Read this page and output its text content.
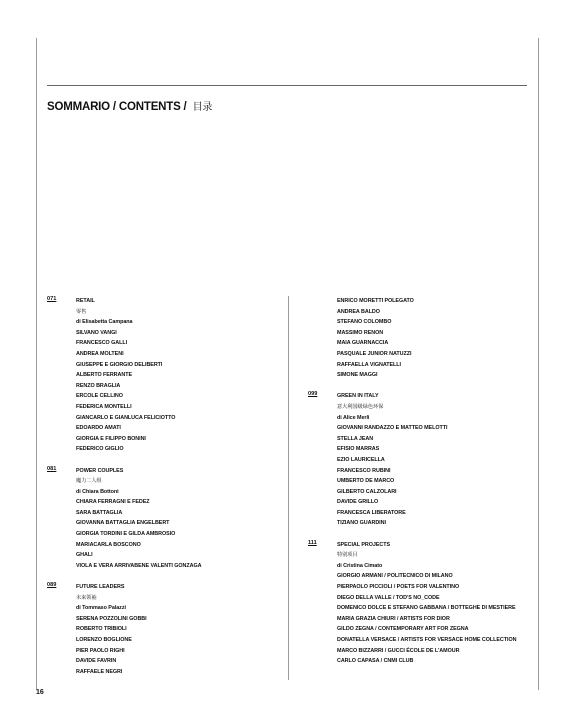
SOMMARIO / CONTENTS / 目录
071	RETAIL
零售
di Elisabetta Campana
SILVANO VANGI
FRANCESCO GALLI
ANDREA MOLTENI
GIUSEPPE E GIORGIO DELIBERTI
ALBERTO FERRANTE
RENZO BRAGLIA
ERCOLE CELLINO
FEDERICA MONTELLI
GIANCARLO E GIANLUCA FELICIOTTO
EDOARDO AMATI
GIORGIA E FILIPPO BONINI
FEDERICO GIGLIO
081	POWER COUPLES
魔力二人组
di Chiara Bottoni
CHIARA FERRAGNI E FEDEZ
SARA BATTAGLIA
GIOVANNA BATTAGLIA ENGELBERT
GIORGIA TORDINI E GILDA AMBROSIO
MARIACARLA BOSCONO
GHALI
VIOLA E VERA ARRIVABENE VALENTI GONZAGA
089	FUTURE LEADERS
未来领袖
di Tommaso Palazzi
SERENA POZZOLINI GOBBI
ROBERTO TRIBIOLI
LORENZO BOGLIONE
PIER PAOLO RIGHI
DAVIDE FAVRIN
RAFFAELE NEGRI
ENRICO MORETTI POLEGATO
ANDREA BALDO
STEFANO COLOMBO
MASSIMO RENON
MAIA GUARNACCIA
PASQUALE JUNIOR NATUZZI
RAFFAELLA VIGNATELLI
SIMONE MAGGI
099	GREEN IN ITALY
意大利国级绿色环保
di Alice Merli
GIOVANNI RANDAZZO E MATTEO MELOTTI
STELLA JEAN
EFISIO MARRAS
EZIO LAURICELLA
FRANCESCO RUBINI
UMBERTO DE MARCO
GILBERTO CALZOLARI
DAVIDE GRILLO
FRANCESCA LIBERATORE
TIZIANO GUARDINI
111	SPECIAL PROJECTS
特别项目
di Cristina Cimato
GIORGIO ARMANI / POLITECNICO DI MILANO
PIERPAOLO PICCIOLI / POETS FOR VALENTINO
DIEGO DELLA VALLE / TOD'S NO_CODE
DOMENICO DOLCE E STEFANO GABBANA / BOTTEGHE DI MESTIERE
MARIA GRAZIA CHIURI / ARTISTS FOR DIOR
GILDO ZEGNA / CONTEMPORARY ART FOR ZEGNA
DONATELLA VERSACE / ARTISTS FOR VERSACE HOME COLLECTION
MARCO BIZZARRI / GUCCI ÉCOLE DE L'AMOUR
CARLO CAPASA / CNMI CLUB
16
